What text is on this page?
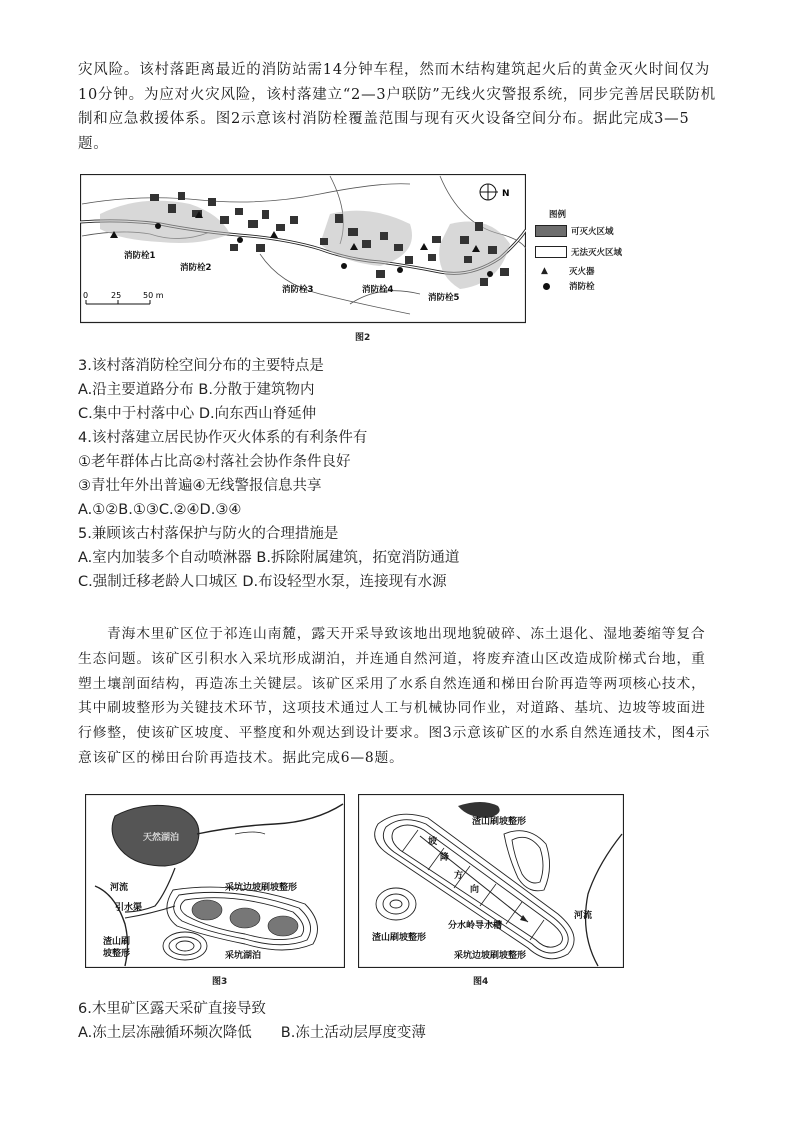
灾风险。该村落距离最近的消防站需14分钟车程，然而木结构建筑起火后的黄金灭火时间仅为10分钟。为应对火灾风险，该村落建立“2—3户联防”无线火灾警报系统，同步完善居民联防机制和应急救援体系。图2示意该村消防栓覆盖范围与现有灭火设备空间分布。据此完成3—5题。
消防栓1
消防栓2
消防栓3	消防栓4
消防栓5
0	25	50 m
N
图例
可灭火区域
无法灭火区域
▲	灭火器
消防栓
图2
3.该村落消防栓空间分布的主要特点是
A.沿主要道路分布 B.分散于建筑物内
C.集中于村落中心 D.向东西山脊延伸
4.该村落建立居民协作灭火体系的有利条件有
①老年群体占比高②村落社会协作条件良好
③青壮年外出普遍④无线警报信息共享
A.①②B.①③C.②④D.③④
5.兼顾该古村落保护与防火的合理措施是
A.室内加装多个自动喷淋器 B.拆除附属建筑，拓宽消防通道
C.强制迁移老龄人口城区 D.布设轻型水泵，连接现有水源
青海木里矿区位于祁连山南麓，露天开采导致该地出现地貌破碎、冻土退化、湿地萎缩等复合生态问题。该矿区引积水入采坑形成湖泊，并连通自然河道，将废弃渣山区改造成阶梯式台地，重塑土壤剖面结构，再造冻土关键层。该矿区采用了水系自然连通和梯田台阶再造等两项核心技术，其中刷坡整形为关键技术环节，这项技术通过人工与机械协同作业，对道路、基坑、边坡等坡面进行修整，使该矿区坡度、平整度和外观达到设计要求。图3示意该矿区的水系自然连通技术，图4示意该矿区的梯田台阶再造技术。据此完成6—8题。
天然湖泊
河流
引水渠
采坑边坡刷坡整形
采坑湖泊
渣山刷
坡整形
图3
渣山刷坡整形
坡
降
方
向
渣山刷坡整形
分水岭导水槽
采坑边坡刷坡整形
河流
图4
6.木里矿区露天采矿直接导致
A.冻土层冻融循环频次降低　　B.冻土活动层厚度变薄
